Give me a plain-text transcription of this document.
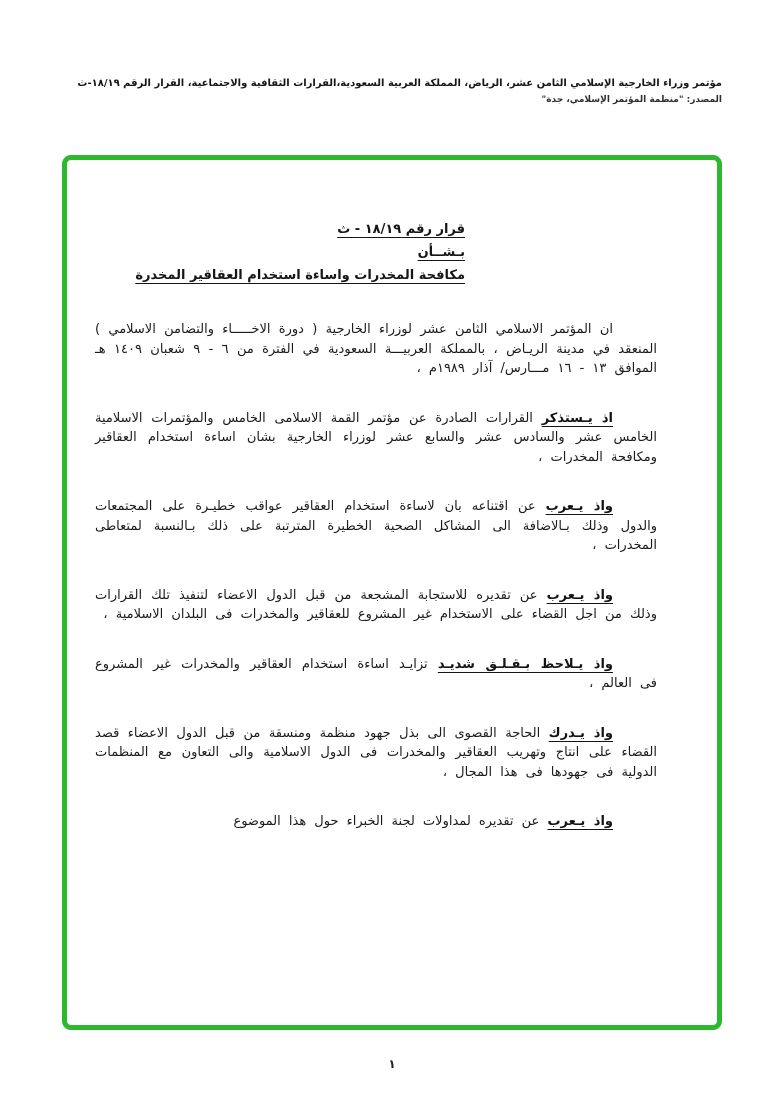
مؤتمر وزراء الخارجية الإسلامي الثامن عشر، الرياض، المملكة العربية السعودية،القرارات الثقافية والاجتماعية، القرار الرقم ١٨/١٩-ث
المصدر: "منظمة المؤتمر الإسلامي، جدة"
قرار رقم ١٨/١٩ - ث
بـشــأن
مكافحة المخدرات واساءة استخدام العقاقير المخدرة
ان المؤتمر الاسلامي الثامن عشر لوزراء الخارجية ( دورة الاخـــــاء والتضامن الاسلامي ) المنعقد في مدينة الريـاض ، بالمملكة العربيـــة السعودية في الفترة من ٦ - ٩ شعبان ١٤٠٩ هـ الموافق ١٣ - ١٦ مـــارس/ آذار ١٩٨٩م ،
اذ يـستذكر القرارات الصادرة عن مؤتمر القمة الاسلامى الخامس والمؤتمرات الاسلامية الخامس عشر والسادس عشر والسابع عشر لوزراء الخارجية بشان اساءة استخدام العقاقير ومكافحة المخدرات ،
واذ يـعرب عن اقتناعه بان لاساءة استخدام العقاقير عواقب خطيـرة على المجتمعات والدول وذلك بـالاضافة الى المشاكل الصحية الخطيرة المترتبة على ذلك بـالنسبة لمتعاطى المخدرات ،
واذ يـعرب عن تقديره للاستجابة المشجعة من قبل الدول الاعضاء لتنفيذ تلك القرارات وذلك من اجل القضاء على الاستخدام غير المشروع للعقاقير والمخدرات فى البلدان الاسلامية ،
واذ يـلاحظ بـقـلـق شديـد تزايـد اساءة استخدام العقاقير والمخدرات غير المشروع فى العالم ،
واذ يـدرك الحاجة القصوى الى بذل جهود منظمة ومنسقة من قبل الدول الاعضاء قصد القضاء على انتاج وتهريب العقاقير والمخدرات فى الدول الاسلامية والى التعاون مع المنظمات الدولية فى جهودها فى هذا المجال ،
واذ يـعرب عن تقديره لمداولات لجنة الخبراء حول هذا الموضوع
١
